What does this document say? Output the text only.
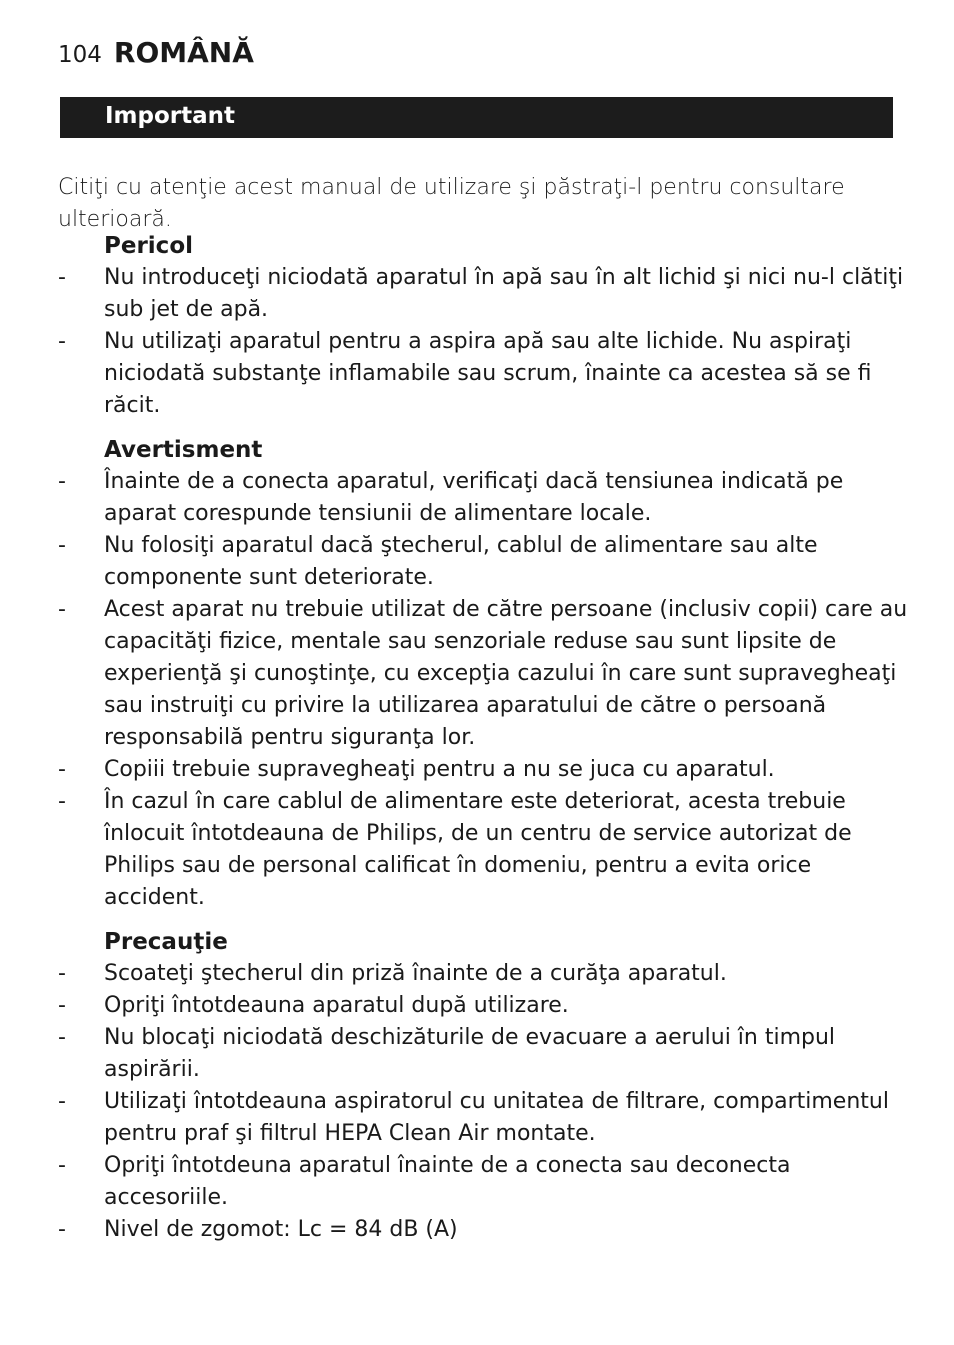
104 ROMÂNĂ
Important

Citiţi cu atenţie acest manual de utilizare şi păstraţi-l pentru consultare ulterioară.

Pericol
-	Nu introduceţi niciodată aparatul în apă sau în alt lichid şi nici nu-l clătiţi sub jet de apă.
-	Nu utilizaţi aparatul pentru a aspira apă sau alte lichide. Nu aspiraţi niciodată substanţe inflamabile sau scrum, înainte ca acestea să se fi răcit.
Avertisment
-	Înainte de a conecta aparatul, verificaţi dacă tensiunea indicată pe aparat corespunde tensiunii de alimentare locale.
-	Nu folosiţi aparatul dacă ştecherul, cablul de alimentare sau alte componente sunt deteriorate.
-	Acest aparat nu trebuie utilizat de către persoane (inclusiv copii) care au capacităţi fizice, mentale sau senzoriale reduse sau sunt lipsite de experienţă şi cunoştinţe, cu excepţia cazului în care sunt supravegheaţi sau instruiţi cu privire la utilizarea aparatului de către o persoană responsabilă pentru siguranţa lor.
-	Copiii trebuie supravegheaţi pentru a nu se juca cu aparatul.
-	În cazul în care cablul de alimentare este deteriorat, acesta trebuie înlocuit întotdeauna de Philips, de un centru de service autorizat de Philips sau de personal calificat în domeniu, pentru a evita orice accident.
Precauţie
-	Scoateţi ştecherul din priză înainte de a curăţa aparatul.
-	Opriţi întotdeauna aparatul după utilizare.
-	Nu blocaţi niciodată deschizăturile de evacuare a aerului în timpul aspirării.
-	Utilizaţi întotdeauna aspiratorul cu unitatea de filtrare, compartimentul pentru praf şi filtrul HEPA Clean Air montate.
-	Opriţi întotdeuna aparatul înainte de a conecta sau deconecta accesoriile.
-	Nivel de zgomot: Lc = 84 dB (A)
